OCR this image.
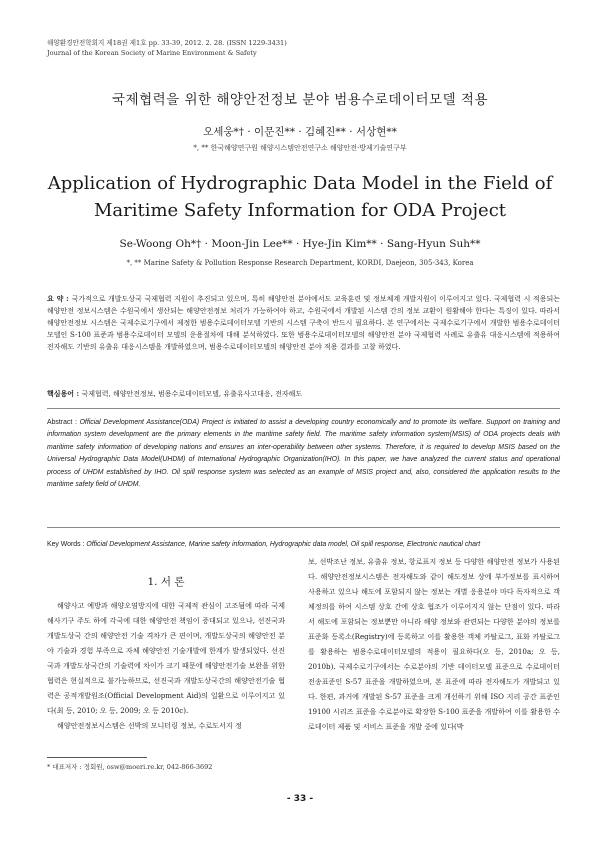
해양환경안전학회지 제18권 제1호 pp. 33-39, 2012. 2. 28. (ISSN 1229-3431)
Journal of the Korean Society of Marine Environment & Safety
국제협력을 위한 해양안전정보 분야 범용수로데이터모델 적용
오세웅*† · 이문진** · 김혜진** · 서상현**
*, ** 한국해양연구원 해양시스템안전연구소 해양안전·방제기술연구부
Application of Hydrographic Data Model in the Field of
Maritime Safety Information for ODA Project
Se-Woong Oh*† · Moon-Jin Lee** · Hye-Jin Kim** · Sang-Hyun Suh**
*, ** Marine Safety & Pollution Response Research Department, KORDI, Daejeon, 305-343, Korea
요 약 : 국가적으로 개발도상국 국제협력 지원이 추진되고 있으며, 특히 해양안전 분야에서도 교육훈련 및 정보체계 개발지원이 이루어지고 있다. 국제협력 시 적용되는 해양안전 정보시스템은 수원국에서 생산되는 해양안전정보 처리가 가능하여야 하고, 수원국에서 개발된 시스템 간의 정보 교환이 원활해야 한다는 특징이 있다. 따라서 해양안전정보 시스템은 국제수로기구에서 제정한 범용수로데이터모델 기반의 시스템 구축이 반드시 필요하다. 본 연구에서는 국제수로기구에서 개발한 범용수로데이터 모델인 S-100 표준과 범용수로데이터 모델의 운용절차에 대해 분석하였다. 또한 범용수로데이터모델의 해양안전 분야 국제협력 사례로 유출유 대응시스템에 적용하여 전자해도 기반의 유출유 대응시스템을 개발하였으며, 범용수로데이터모델의 해양안전 분야 적용 결과를 고찰 하였다.
핵심용어 : 국제협력, 해양안전정보, 범용수로데이터모델, 유출유사고대응, 전자해도
Abstract : Official Development Assistance(ODA) Project is initiated to assist a developing country economically and to promote its welfare. Support on training and information system development are the primary elements in the maritime safety field. The maritime safety information system(MSIS) of ODA projects deals with maritime safety information of developing nations and ensures an inter-operability between other systems. Therefore, it is required to develop MSIS based on the Universal Hydrographic Data Model(UHDM) of International Hydrographic Organization(IHO). In this paper, we have analyzed the current status and operational process of UHDM established by IHO. Oil spill response system was selected as an example of MSIS project and, also, considered the application results to the maritime safety field of UHDM.
Key Words : Official Development Assistance, Marine safety information, Hydrographic data model, Oil spill response, Electronic nautical chart
1. 서 론

해양사고 예방과 해양오염방지에 대한 국제적 관심이 고조됨에 따라 국제해사기구 주도 하에 각국에 대한 해양안전 책임이 증대되고 있으나, 선진국과 개발도상국 간의 해양안전 기술 격차가 큰 편이며, 개발도상국의 해양안전 분야 기술과 경험 부족으로 자체 해양안전 기술개발에 한계가 발생되었다. 선진국과 개발도상국간의 기술력에 차이가 크기 때문에 해양안전기술 보완을 위한 협력은 현실적으로 불가능하므로, 선진국과 개발도상국간의 해양안전기술 협력은 공적개발원조(Official Development Aid)의 일환으로 이루어지고 있다(최 등, 2010; 오 등, 2009; 오 등 2010c).

해양안전정보시스템은 선박의 모니터링 정보, 수로도서지 정

보, 선박조난 정보, 유출유 정보, 항로표지 정보 등 다양한 해양안전 정보가 사용된다. 해양안전정보시스템은 전자해도와 같이 해도정보 상에 부가정보를 표시하여 사용하고 있으나 해도에 포함되지 않는 정보는 개별 응용분야 마다 독자적으로 객체정의를 하여 시스템 상호 간에 상호 협조가 이루어지지 않는 단점이 있다. 따라서 해도에 포함되는 정보뿐만 아니라 해양 정보와 관련되는 다양한 분야의 정보를 표준화 등록소(Registry)에 등록하고 이를 활용한 객체 카탈로그, 표화 카탈로그를 활용하는 범용수로데이터모델의 적용이 필요하다(오 등, 2010a; 오 등, 2010b). 국제수로기구에서는 수로분야의 기반 데이터모델 표준으로 수로데이터 전송표준인 S-57 표준을 개발하였으며, 본 표준에 따라 전자해도가 개발되고 있다. 한편, 과거에 개발된 S-57 표준을 크게 개선하기 위해 ISO 지리 공간 표준인 19100 시리즈 표준을 수로분야로 확장한 S-100 표준을 개발하여 이를 활용한 수로데이터 제품 및 서비스 표준을 개발 중에 있다(박

* 대표저자 : 정회원, osw@moeri.re.kr, 042-866-3692
- 33 -
